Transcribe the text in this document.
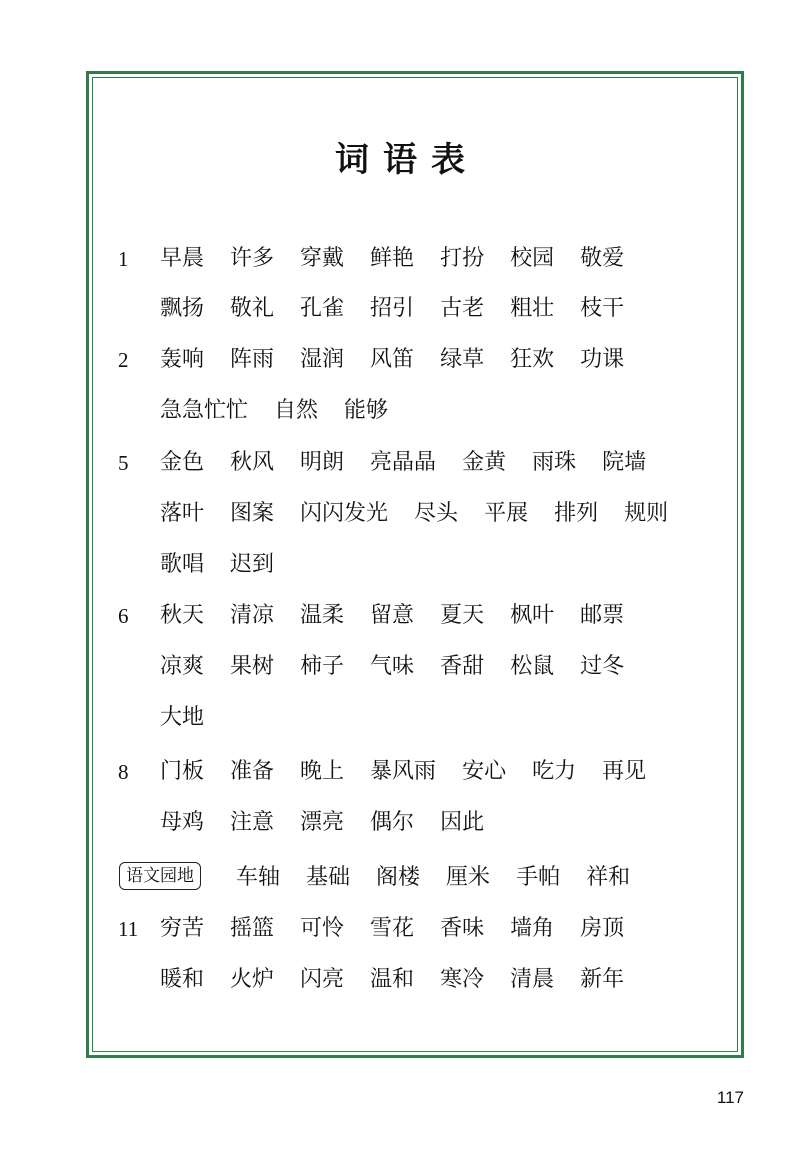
词语表
1	早晨 许多 穿戴 鲜艳 打扮 校园 敬爱
飘扬 敬礼 孔雀 招引 古老 粗壮 枝干
2	轰响 阵雨 湿润 风笛 绿草 狂欢 功课
急急忙忙 自然 能够
5	金色 秋风 明朗 亮晶晶 金黄 雨珠 院墙
落叶 图案 闪闪发光 尽头 平展 排列 规则
歌唱 迟到
6	秋天 清凉 温柔 留意 夏天 枫叶 邮票
凉爽 果树 柿子 气味 香甜 松鼠 过冬
大地
8	门板 准备 晚上 暴风雨 安心 吃力 再见
母鸡 注意 漂亮 偶尔 因此
语文园地	车轴 基础 阁楼 厘米 手帕 祥和
11 穷苦 摇篮 可怜 雪花 香味 墙角 房顶
暖和 火炉 闪亮 温和 寒冷 清晨 新年
117
